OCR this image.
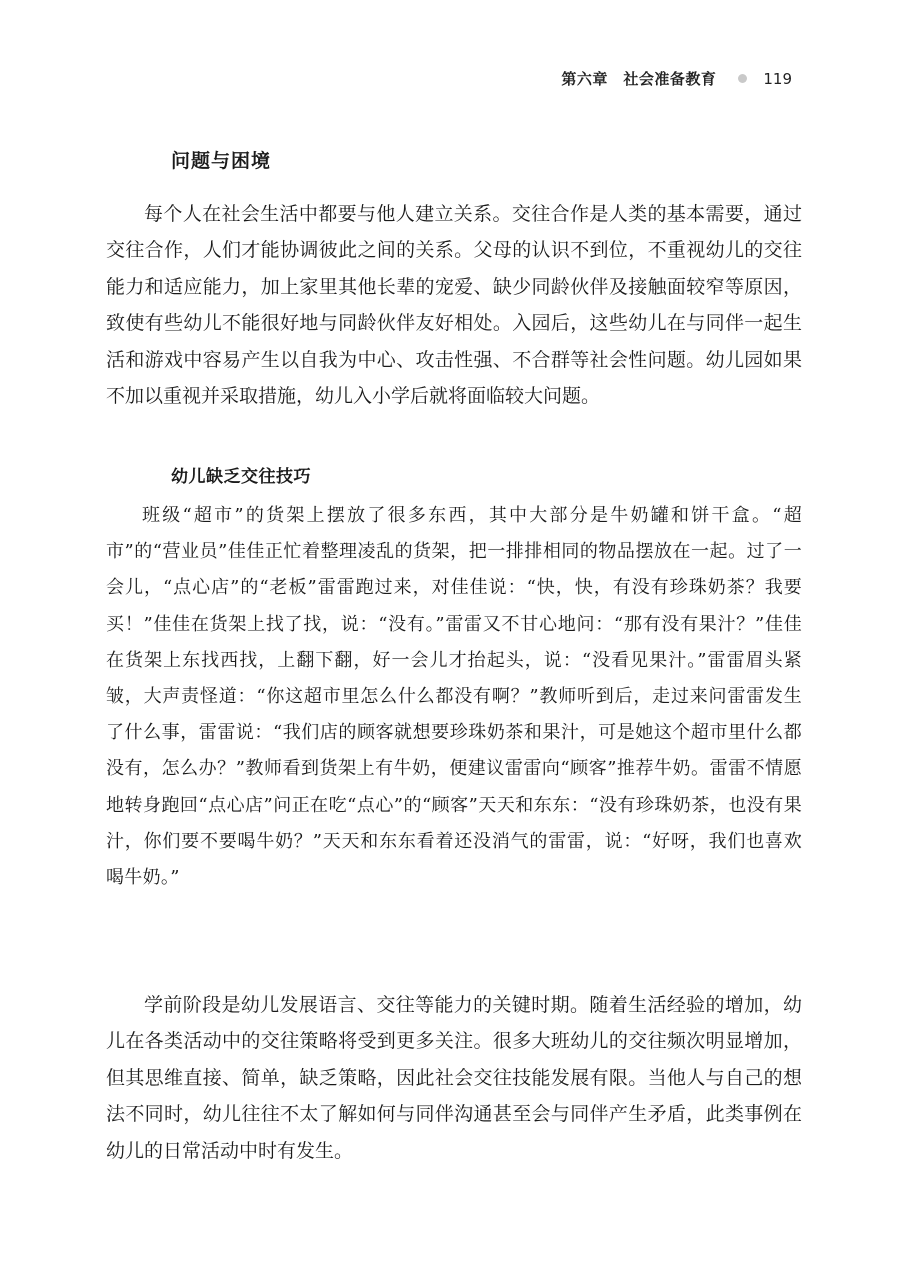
第六章　社会准备教育	119
问题与困境

每个人在社会生活中都要与他人建立关系。交往合作是人类的基本需要，通过交往合作，人们才能协调彼此之间的关系。父母的认识不到位，不重视幼儿的交往能力和适应能力，加上家里其他长辈的宠爱、缺少同龄伙伴及接触面较窄等原因，致使有些幼儿不能很好地与同龄伙伴友好相处。入园后，这些幼儿在与同伴一起生活和游戏中容易产生以自我为中心、攻击性强、不合群等社会性问题。幼儿园如果不加以重视并采取措施，幼儿入小学后就将面临较大问题。

幼儿缺乏交往技巧

班级“超市”的货架上摆放了很多东西，其中大部分是牛奶罐和饼干盒。“超市”的“营业员”佳佳正忙着整理凌乱的货架，把一排排相同的物品摆放在一起。过了一会儿，“点心店”的“老板”雷雷跑过来，对佳佳说：“快，快，有没有珍珠奶茶？我要买！”佳佳在货架上找了找，说：“没有。”雷雷又不甘心地问：“那有没有果汁？”佳佳在货架上东找西找，上翻下翻，好一会儿才抬起头，说：“没看见果汁。”雷雷眉头紧皱，大声责怪道：“你这超市里怎么什么都没有啊？”教师听到后，走过来问雷雷发生了什么事，雷雷说：“我们店的顾客就想要珍珠奶茶和果汁，可是她这个超市里什么都没有，怎么办？”教师看到货架上有牛奶，便建议雷雷向“顾客”推荐牛奶。雷雷不情愿地转身跑回“点心店”问正在吃“点心”的“顾客”天天和东东：“没有珍珠奶茶，也没有果汁，你们要不要喝牛奶？”天天和东东看着还没消气的雷雷，说：“好呀，我们也喜欢喝牛奶。”

学前阶段是幼儿发展语言、交往等能力的关键时期。随着生活经验的增加，幼儿在各类活动中的交往策略将受到更多关注。很多大班幼儿的交往频次明显增加，但其思维直接、简单，缺乏策略，因此社会交往技能发展有限。当他人与自己的想法不同时，幼儿往往不太了解如何与同伴沟通甚至会与同伴产生矛盾，此类事例在幼儿的日常活动中时有发生。
